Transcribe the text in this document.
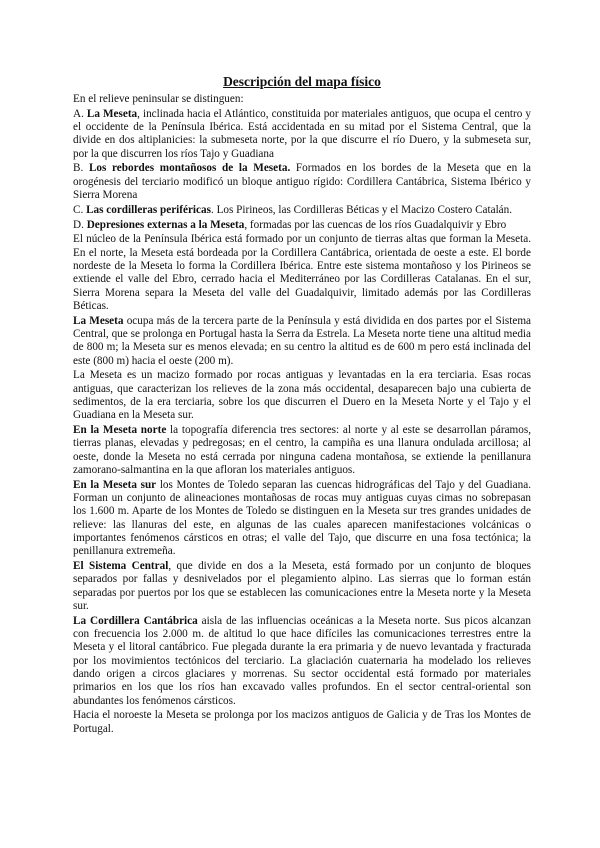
Descripción del mapa físico

En el relieve peninsular se distinguen:

A. La Meseta, inclinada hacia el Atlántico, constituida por materiales antiguos, que ocupa el centro y el occidente de la Península Ibérica. Está accidentada en su mitad por el Sistema Central, que la divide en dos altiplanicies: la submeseta norte, por la que discurre el río Duero, y la submeseta sur, por la que discurren los ríos Tajo y Guadiana

B. Los rebordes montañosos de la Meseta. Formados en los bordes de la Meseta que en la orogénesis del terciario modificó un bloque antiguo rígido: Cordillera Cantábrica, Sistema Ibérico y Sierra Morena

C. Las cordilleras periféricas. Los Pirineos, las Cordilleras Béticas y el Macizo Costero Catalán.

D. Depresiones externas a la Meseta, formadas por las cuencas de los ríos Guadalquivir y Ebro

El núcleo de la Península Ibérica está formado por un conjunto de tierras altas que forman la Meseta. En el norte, la Meseta está bordeada por la Cordillera Cantábrica, orientada de oeste a este. El borde nordeste de la Meseta lo forma la Cordillera Ibérica. Entre este sistema montañoso y los Pirineos se extiende el valle del Ebro, cerrado hacia el Mediterráneo por las Cordilleras Catalanas. En el sur, Sierra Morena separa la Meseta del valle del Guadalquivir, limitado además por las Cordilleras Béticas.

La Meseta ocupa más de la tercera parte de la Península y está dividida en dos partes por el Sistema Central, que se prolonga en Portugal hasta la Serra da Estrela. La Meseta norte tiene una altitud media de 800 m; la Meseta sur es menos elevada; en su centro la altitud es de 600 m pero está inclinada del este (800 m) hacia el oeste (200 m).

La Meseta es un macizo formado por rocas antiguas y levantadas en la era terciaria. Esas rocas antiguas, que caracterizan los relieves de la zona más occidental, desaparecen bajo una cubierta de sedimentos, de la era terciaria, sobre los que discurren el Duero en la Meseta Norte y el Tajo y el Guadiana en la Meseta sur.

En la Meseta norte la topografía diferencia tres sectores: al norte y al este se desarrollan páramos, tierras planas, elevadas y pedregosas; en el centro, la campiña es una llanura ondulada arcillosa; al oeste, donde la Meseta no está cerrada por ninguna cadena montañosa, se extiende la penillanura zamorano-salmantina en la que afloran los materiales antiguos.

En la Meseta sur los Montes de Toledo separan las cuencas hidrográficas del Tajo y del Guadiana. Forman un conjunto de alineaciones montañosas de rocas muy antiguas cuyas cimas no sobrepasan los 1.600 m. Aparte de los Montes de Toledo se distinguen en la Meseta sur tres grandes unidades de relieve: las llanuras del este, en algunas de las cuales aparecen manifestaciones volcánicas o importantes fenómenos cársticos en otras; el valle del Tajo, que discurre en una fosa tectónica; la penillanura extremeña.

El Sistema Central, que divide en dos a la Meseta, está formado por un conjunto de bloques separados por fallas y desnivelados por el plegamiento alpino. Las sierras que lo forman están separadas por puertos por los que se establecen las comunicaciones entre la Meseta norte y la Meseta sur.

La Cordillera Cantábrica aisla de las influencias oceánicas a la Meseta norte. Sus picos alcanzan con frecuencia los 2.000 m. de altitud lo que hace difíciles las comunicaciones terrestres entre la Meseta y el litoral cantábrico. Fue plegada durante la era primaria y de nuevo levantada y fracturada por los movimientos tectónicos del terciario. La glaciación cuaternaria ha modelado los relieves dando origen a circos glaciares y morrenas. Su sector occidental está formado por materiales primarios en los que los ríos han excavado valles profundos. En el sector central-oriental son abundantes los fenómenos cársticos.

Hacia el noroeste la Meseta se prolonga por los macizos antiguos de Galicia y de Tras los Montes de Portugal.
